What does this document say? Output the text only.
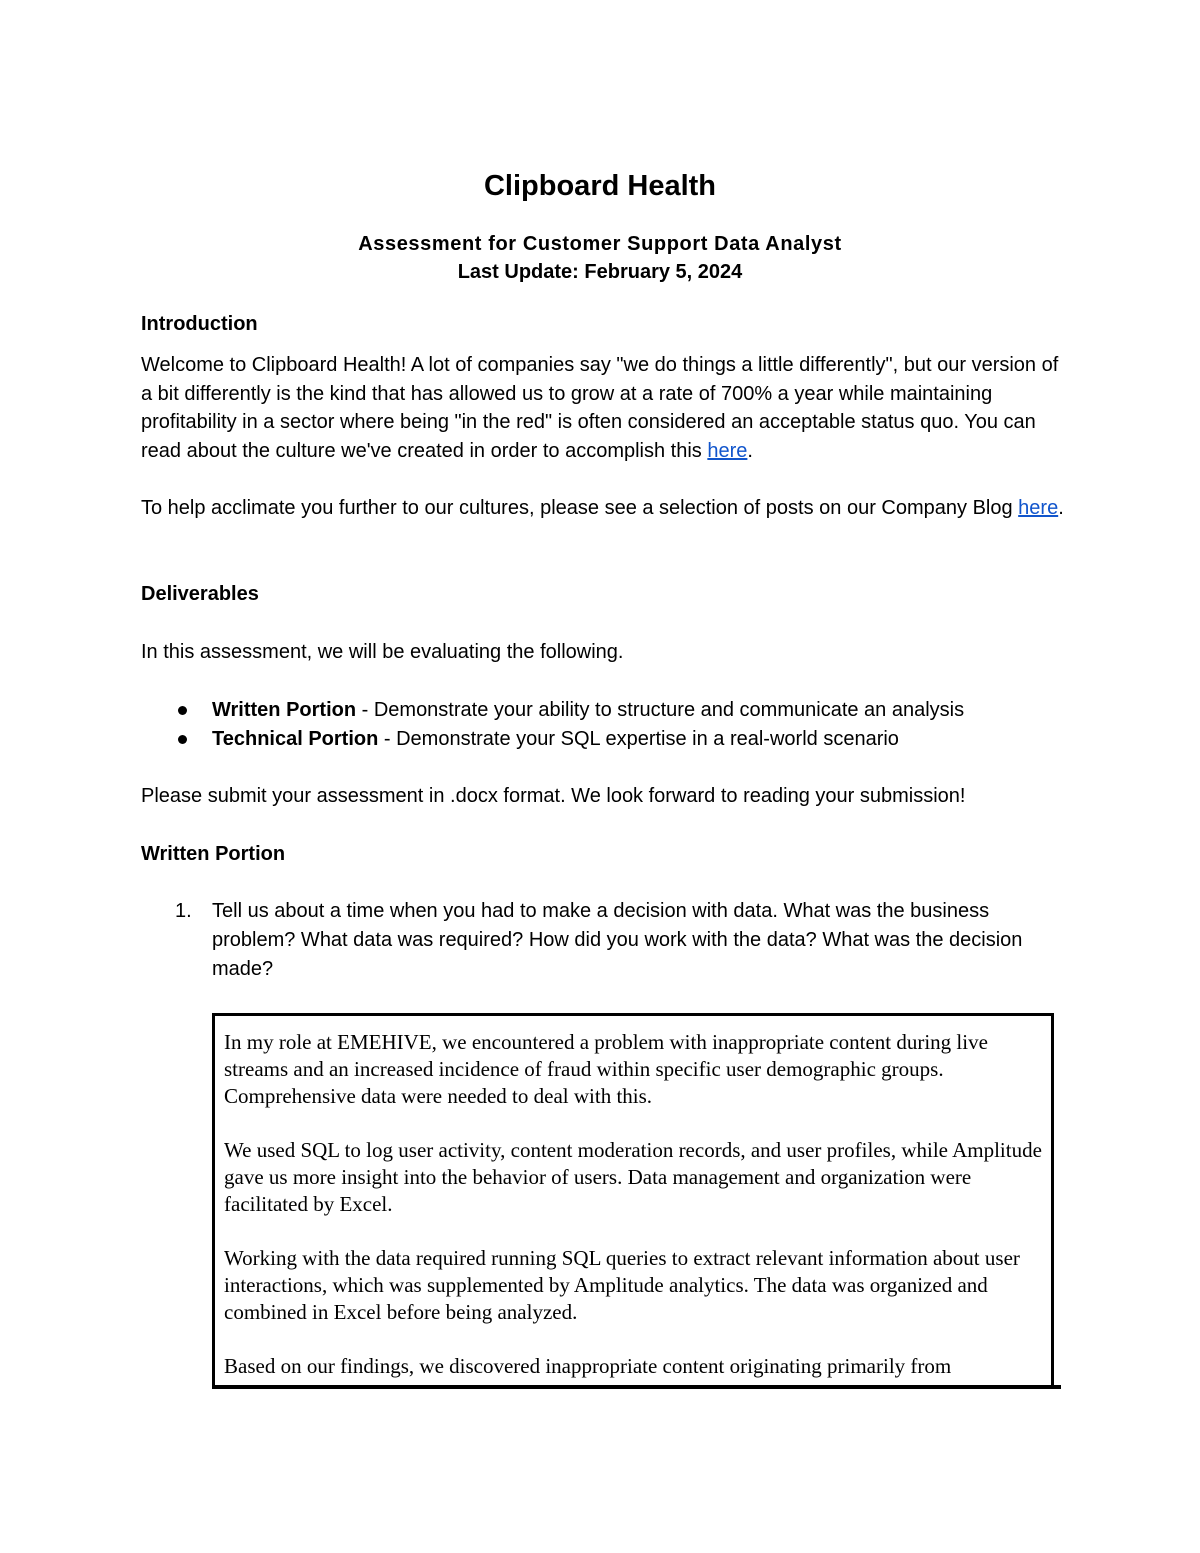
Clipboard Health
Assessment for Customer Support Data Analyst
Last Update: February 5, 2024
Introduction
Welcome to Clipboard Health! A lot of companies say "we do things a little differently", but our version of a bit differently is the kind that has allowed us to grow at a rate of 700% a year while maintaining profitability in a sector where being "in the red" is often considered an acceptable status quo. You can read about the culture we've created in order to accomplish this here.
To help acclimate you further to our cultures, please see a selection of posts on our Company Blog here.
Deliverables
In this assessment, we will be evaluating the following.
Written Portion - Demonstrate your ability to structure and communicate an analysis
Technical Portion - Demonstrate your SQL expertise in a real-world scenario
Please submit your assessment in .docx format. We look forward to reading your submission!
Written Portion
1. Tell us about a time when you had to make a decision with data. What was the business problem? What data was required? How did you work with the data? What was the decision made?

In my role at EMEHIVE, we encountered a problem with inappropriate content during live streams and an increased incidence of fraud within specific user demographic groups. Comprehensive data were needed to deal with this.

We used SQL to log user activity, content moderation records, and user profiles, while Amplitude gave us more insight into the behavior of users. Data management and organization were facilitated by Excel.

Working with the data required running SQL queries to extract relevant information about user interactions, which was supplemented by Amplitude analytics. The data was organized and combined in Excel before being analyzed.

Based on our findings, we discovered inappropriate content originating primarily from
